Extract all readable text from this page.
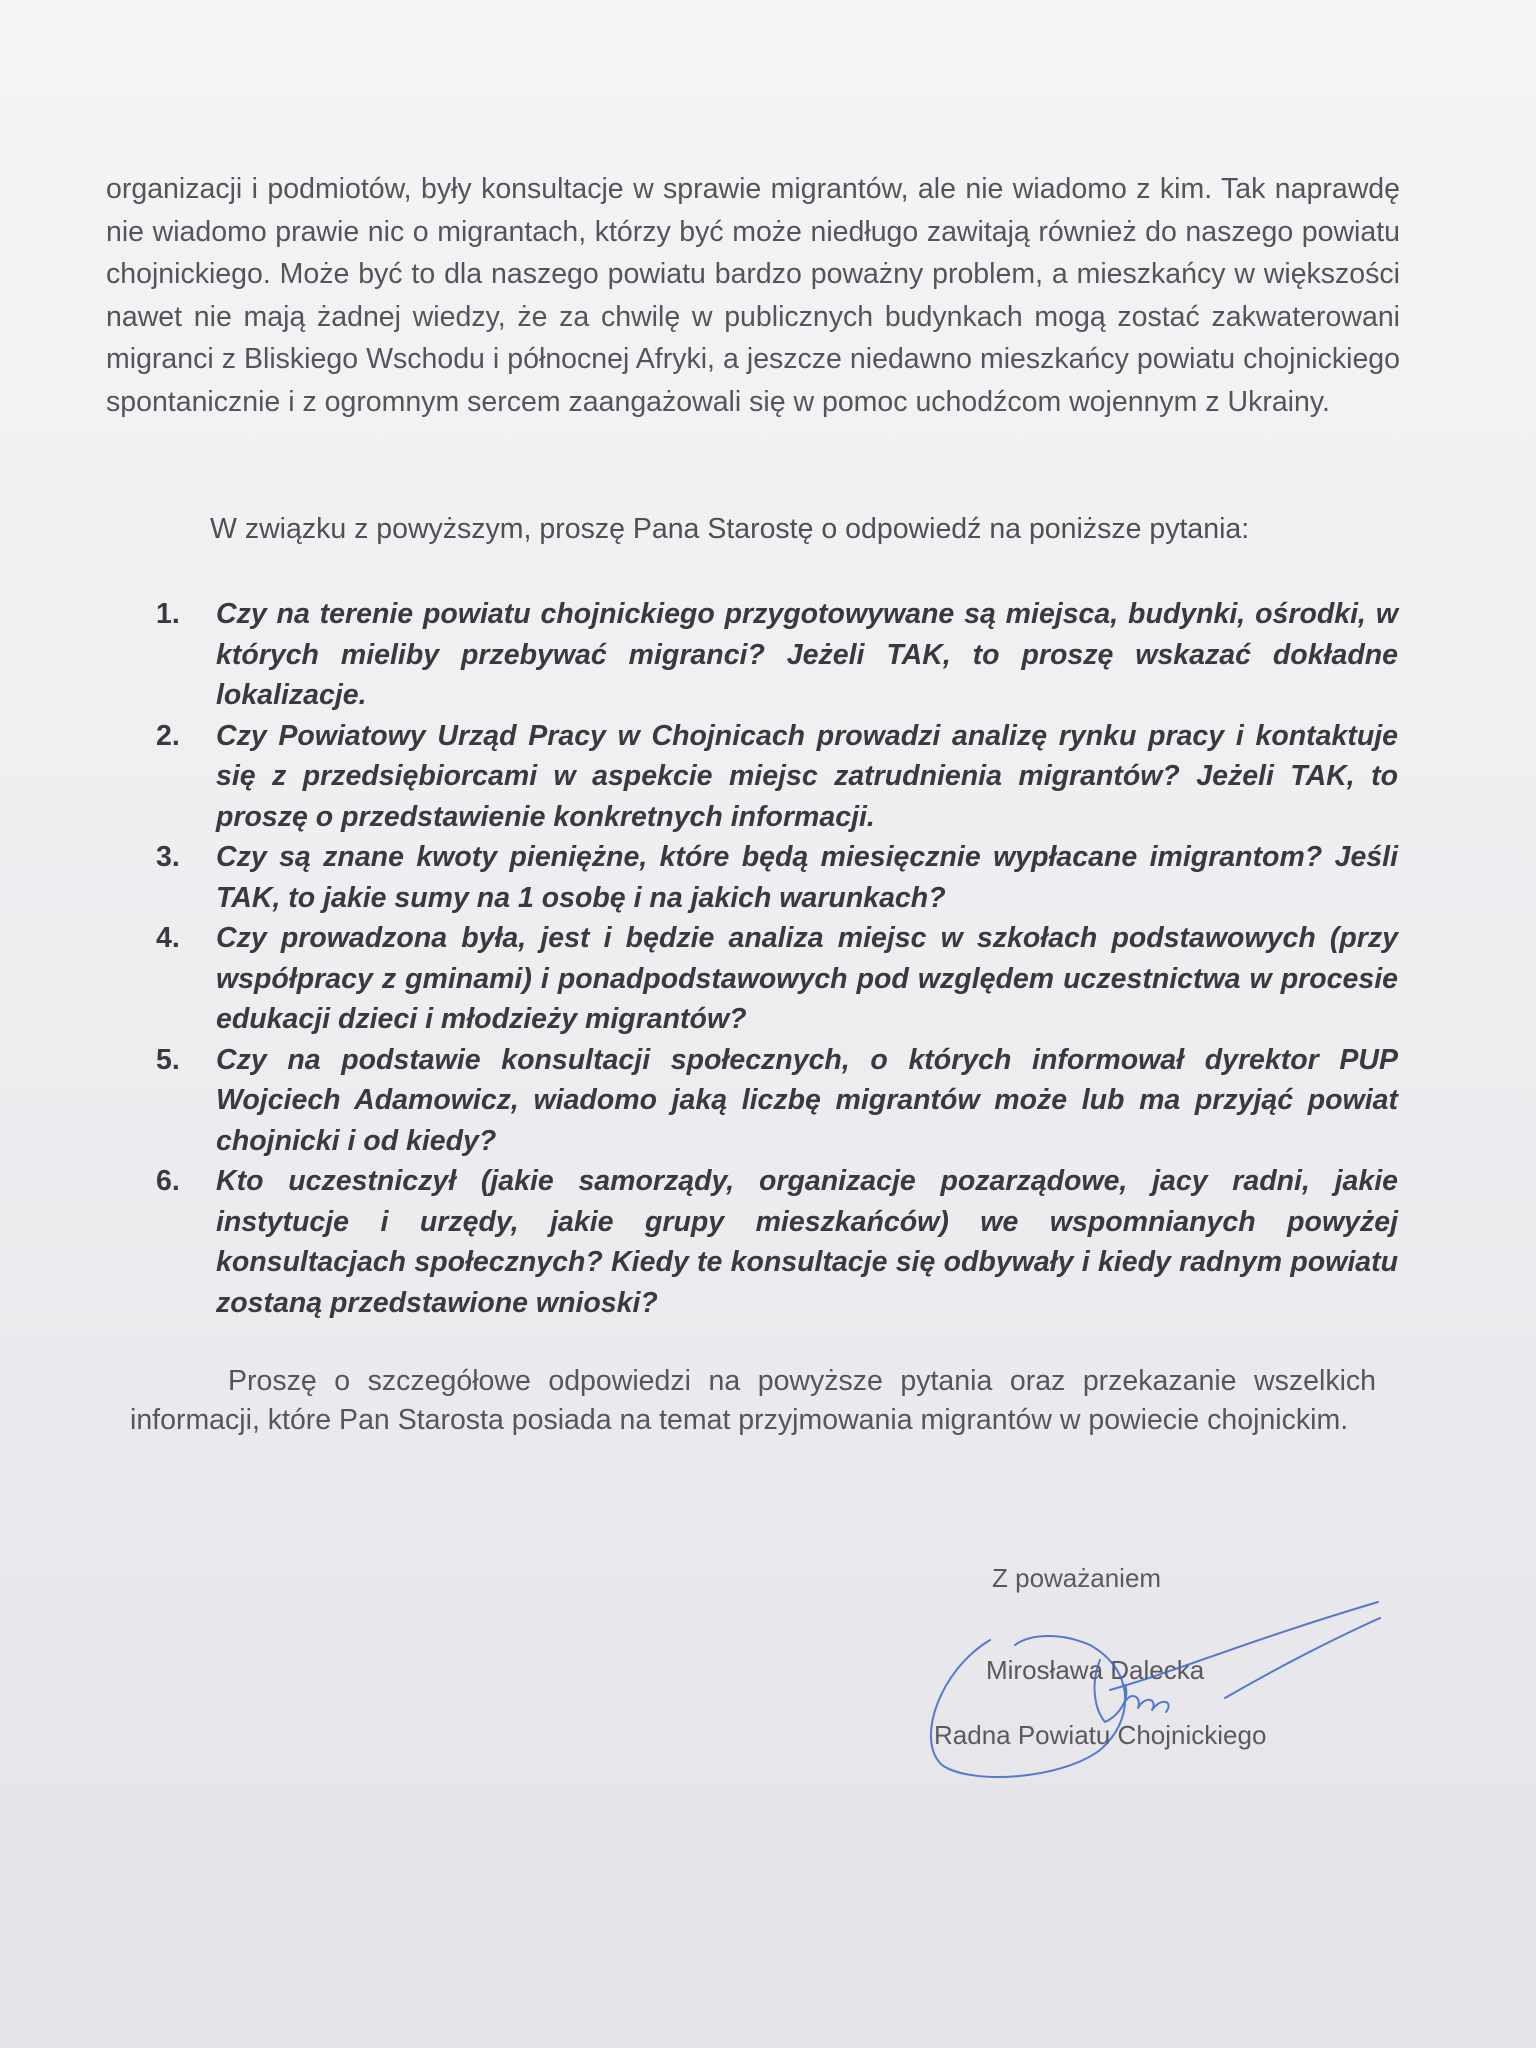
organizacji i podmiotów, były konsultacje w sprawie migrantów, ale nie wiadomo z kim. Tak naprawdę nie wiadomo prawie nic o migrantach, którzy być może niedługo zawitają również do naszego powiatu chojnickiego. Może być to dla naszego powiatu bardzo poważny problem, a mieszkańcy w większości nawet nie mają żadnej wiedzy, że za chwilę w publicznych budynkach mogą zostać zakwaterowani migranci z Bliskiego Wschodu i północnej Afryki, a jeszcze niedawno mieszkańcy powiatu chojnickiego spontanicznie i z ogromnym sercem zaangażowali się w pomoc uchodźcom wojennym z Ukrainy.

W związku z powyższym, proszę Pana Starostę o odpowiedź na poniższe pytania:

1. Czy na terenie powiatu chojnickiego przygotowywane są miejsca, budynki, ośrodki, w których mieliby przebywać migranci? Jeżeli TAK, to proszę wskazać dokładne lokalizacje.
2. Czy Powiatowy Urząd Pracy w Chojnicach prowadzi analizę rynku pracy i kontaktuje się z przedsiębiorcami w aspekcie miejsc zatrudnienia migrantów? Jeżeli TAK, to proszę o przedstawienie konkretnych informacji.
3. Czy są znane kwoty pieniężne, które będą miesięcznie wypłacane imigrantom? Jeśli TAK, to jakie sumy na 1 osobę i na jakich warunkach?
4. Czy prowadzona była, jest i będzie analiza miejsc w szkołach podstawowych (przy współpracy z gminami) i ponadpodstawowych pod względem uczestnictwa w procesie edukacji dzieci i młodzieży migrantów?
5. Czy na podstawie konsultacji społecznych, o których informował dyrektor PUP Wojciech Adamowicz, wiadomo jaką liczbę migrantów może lub ma przyjąć powiat chojnicki i od kiedy?
6. Kto uczestniczył (jakie samorządy, organizacje pozarządowe, jacy radni, jakie instytucje i urzędy, jakie grupy mieszkańców) we wspomnianych powyżej konsultacjach społecznych? Kiedy te konsultacje się odbywały i kiedy radnym powiatu zostaną przedstawione wnioski?

Proszę o szczegółowe odpowiedzi na powyższe pytania oraz przekazanie wszelkich informacji, które Pan Starosta posiada na temat przyjmowania migrantów w powiecie chojnickim.

Z poważaniem
Mirosława Dalecka
Radna Powiatu Chojnickiego
